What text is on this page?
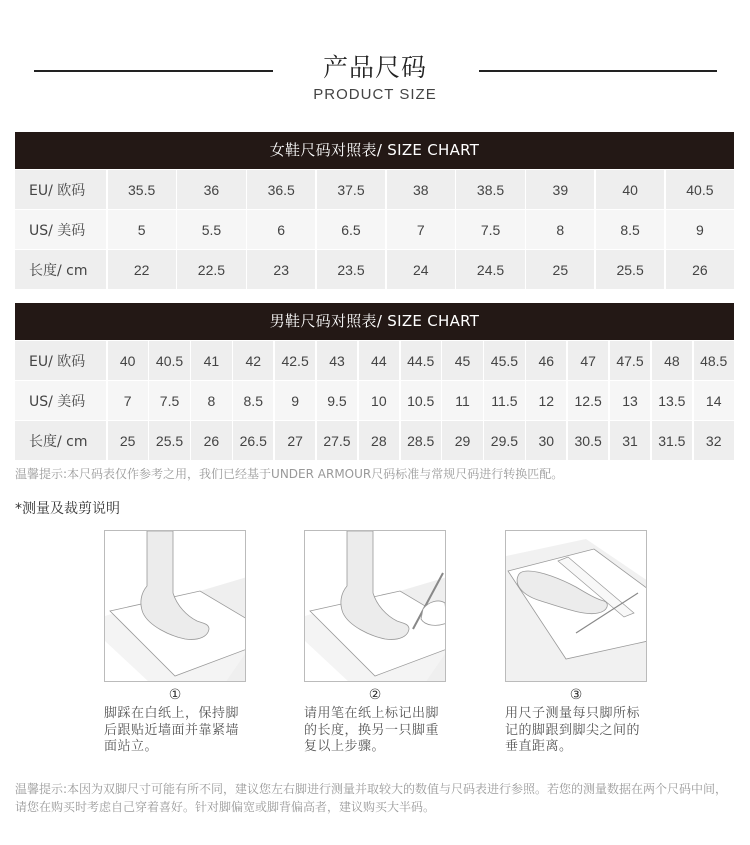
产品尺码
PRODUCT SIZE
女鞋尺码对照表/ SIZE CHART
EU/ 欧码	35.5	36	36.5	37.5	38	38.5	39	40	40.5
US/ 美码	5	5.5	6	6.5	7	7.5	8	8.5	9
长度/ cm	22	22.5	23	23.5	24	24.5	25	25.5	26
男鞋尺码对照表/ SIZE CHART
EU/ 欧码	40	40.5	41	42	42.5	43	44	44.5	45	45.5	46	47	47.5	48	48.5
US/ 美码	7	7.5	8	8.5	9	9.5	10	10.5	11	11.5	12	12.5	13	13.5	14
长度/ cm	25	25.5	26	26.5	27	27.5	28	28.5	29	29.5	30	30.5	31	31.5	32
温馨提示:本尺码表仅作参考之用，我们已经基于UNDER ARMOUR尺码标准与常规尺码进行转换匹配。
*测量及裁剪说明
①
脚踩在白纸上，保持脚后跟贴近墙面并靠紧墙面站立。
②
请用笔在纸上标记出脚的长度，换另一只脚重复以上步骤。
③
用尺子测量每只脚所标记的脚跟到脚尖之间的垂直距离。
温馨提示:本因为双脚尺寸可能有所不同，建议您左右脚进行测量并取较大的数值与尺码表进行参照。若您的测量数据在两个尺码中间，请您在购买时考虑自己穿着喜好。针对脚偏宽或脚背偏高者，建议购买大半码。
